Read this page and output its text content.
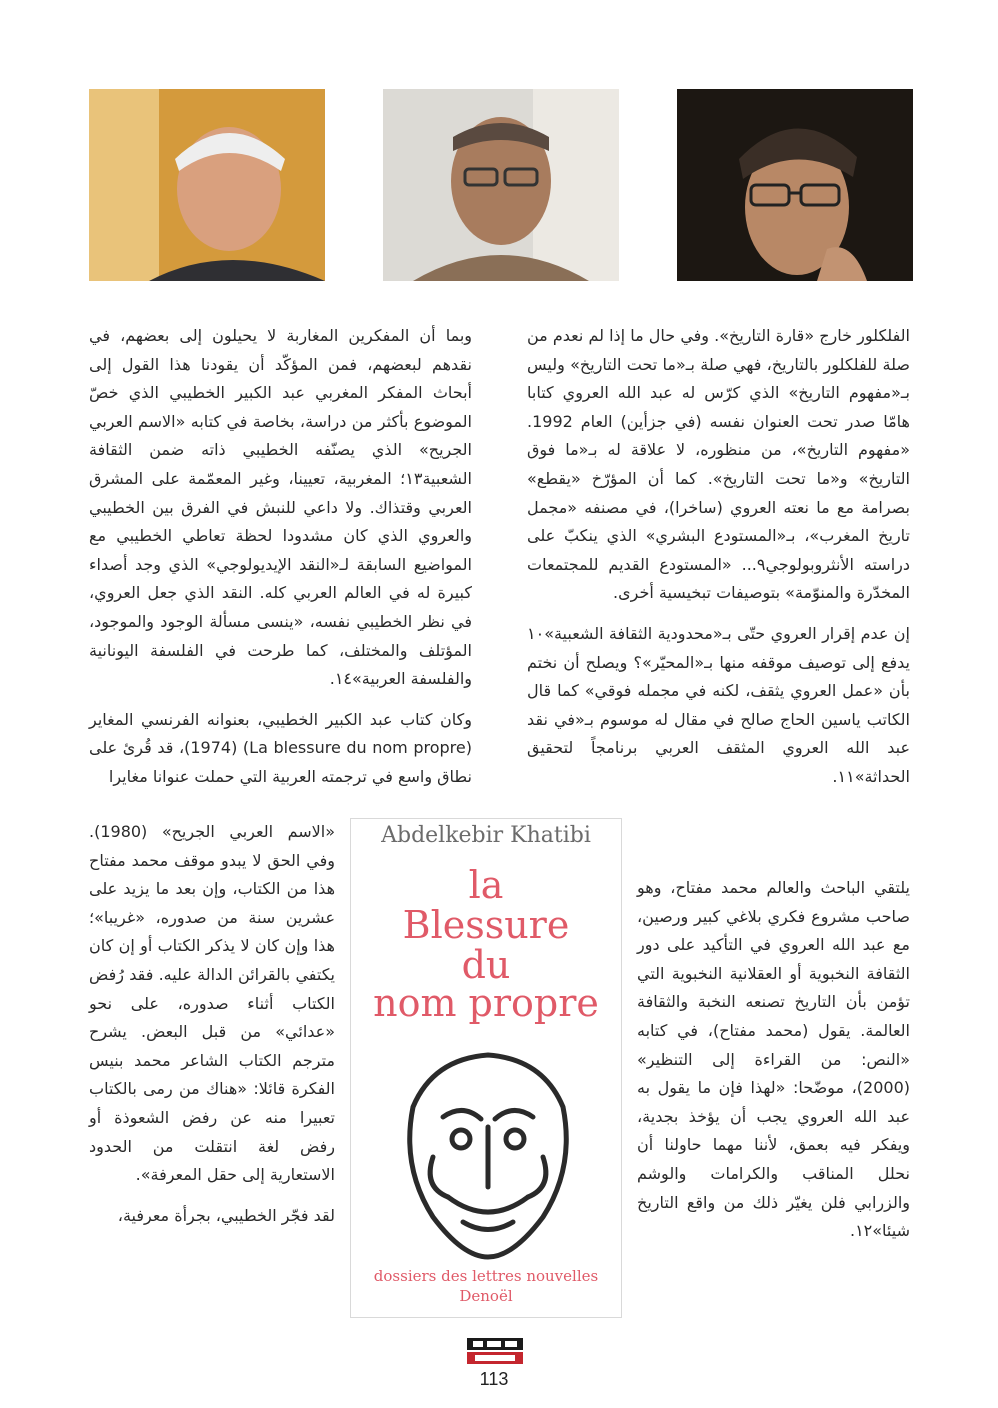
الفلكلور خارج «قارة التاريخ». وفي حال ما إذا لم نعدم من صلة للفلكلور بالتاريخ، فهي صلة بـ«ما تحت التاريخ» وليس بـ«مفهوم التاريخ» الذي كرّس له عبد الله العروي كتابا هامّا صدر تحت العنوان نفسه (في جزأين) العام 1992. «مفهوم التاريخ»، من منظوره، لا علاقة له بـ«ما فوق التاريخ» و«ما تحت التاريخ». كما أن المؤرّخ «يقطع» بصرامة مع ما نعته العروي (ساخرا)، في مصنفه «مجمل تاريخ المغرب»، بـ«المستودع البشري» الذي ينكبّ على دراسته الأنثروبولوجي٩... «المستودع القديم للمجتمعات المخدّرة والمنوّمة» بتوصيفات تبخيسية أخرى.

إن عدم إقرار العروي حتّى بـ«محدودية الثقافة الشعبية»١٠ يدفع إلى توصيف موقفه منها بـ«المحيّر»؟ ويصلح أن نختم بأن «عمل العروي يثقف، لكنه في مجمله فوقي» كما قال الكاتب ياسين الحاج صالح في مقال له موسوم بـ«في نقد عبد الله العروي المثقف العربي برنامجاً لتحقيق الحداثة»١١.

يلتقي الباحث والعالم محمد مفتاح، وهو صاحب مشروع فكري بلاغي كبير ورصين، مع عبد الله العروي في التأكيد على دور الثقافة النخبوية أو العقلانية النخبوية التي تؤمن بأن التاريخ تصنعه النخبة والثقافة العالمة. يقول (محمد مفتاح)، في كتابه «النص: من القراءة إلى التنظير» (2000)، موضّحا: «لهذا فإن ما يقول به عبد الله العروي يجب أن يؤخذ بجدية، ويفكر فيه بعمق، لأننا مهما حاولنا أن نحلل المناقب والكرامات والوشم والزرابي فلن يغيّر ذلك من واقع التاريخ شيئا»١٢.

وبما أن المفكرين المغاربة لا يحيلون إلى بعضهم، في نقدهم لبعضهم، فمن المؤكّد أن يقودنا هذا القول إلى أبحاث المفكر المغربي عبد الكبير الخطيبي الذي خصّ الموضوع بأكثر من دراسة، بخاصة في كتابه «الاسم العربي الجريح» الذي يصنّفه الخطيبي ذاته ضمن الثقافة الشعبية١٣؛ المغربية، تعيينا، وغير المعمّمة على المشرق العربي وقتذاك. ولا داعي للنبش في الفرق بين الخطيبي والعروي الذي كان مشدودا لحظة تعاطي الخطيبي مع المواضيع السابقة لـ«النقد الإيديولوجي» الذي وجد أصداء كبيرة له في العالم العربي كله. النقد الذي جعل العروي، في نظر الخطيبي نفسه، «ينسى مسألة الوجود والموجود، المؤتلف والمختلف، كما طرحت في الفلسفة اليونانية والفلسفة العربية»١٤.

وكان كتاب عبد الكبير الخطيبي، بعنوانه الفرنسي المغاير (La blessure du nom propre) (1974)، قد قُرئ على نطاق واسع في ترجمته العربية التي حملت عنوانا مغايرا

«الاسم العربي الجريح» (1980). وفي الحق لا يبدو موقف محمد مفتاح هذا من الكتاب، وإن بعد ما يزيد على عشرين سنة من صدوره، «غريبا»؛ هذا وإن كان لا يذكر الكتاب أو إن كان يكتفي بالقرائن الدالة عليه. فقد رُفض الكتاب أثناء صدوره، على نحو «عدائي» من قبل البعض. يشرح مترجم الكتاب الشاعر محمد بنيس الفكرة قائلا: «هناك من رمى بالكتاب تعبيرا منه عن رفض الشعوذة أو رفض لغة انتقلت من الحدود الاستعارية إلى حقل المعرفة».

لقد فجّر الخطيبي، بجرأة معرفية،

Abdelkebir Khatibi
la
Blessure
du
nom propre
dossiers des lettres nouvelles
Denoël
113
